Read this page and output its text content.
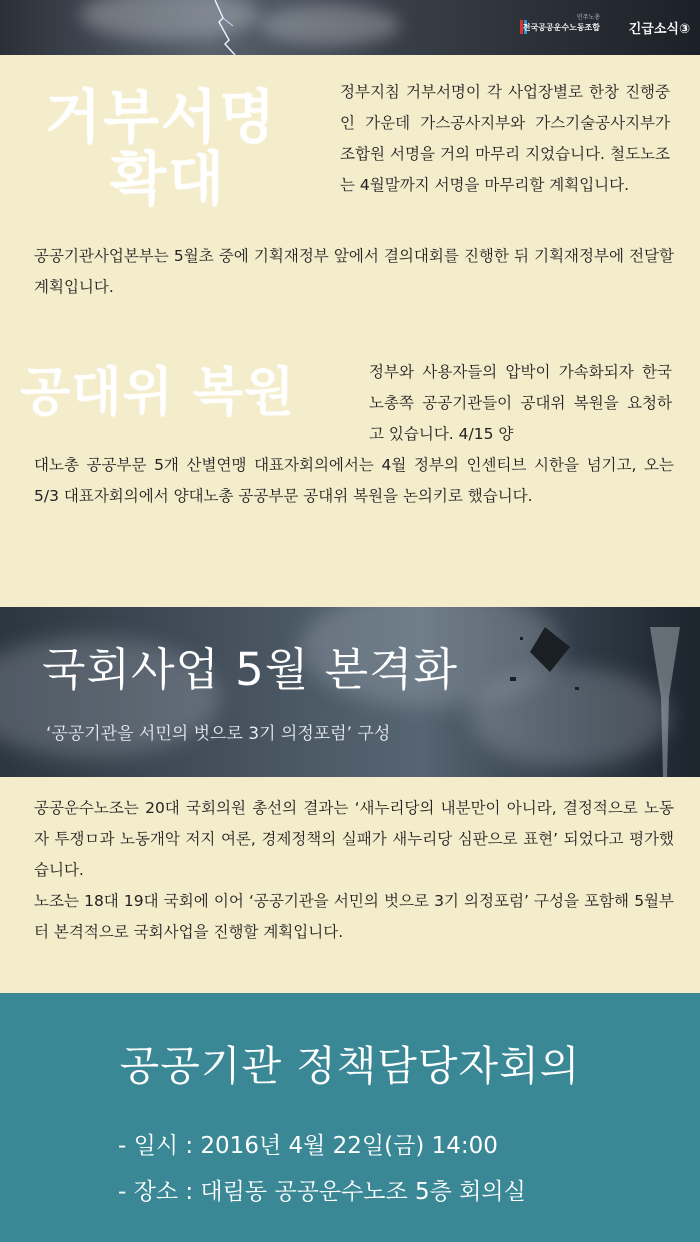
민주노총
전국공공운수노동조합 긴급소식③
거부서명
확대
정부지침 거부서명이 각 사업장별로 한창 진행중인 가운데 가스공사지부와 가스기술공사지부가 조합원 서명을 거의 마무리 지었습니다. 철도노조는 4월말까지 서명을 마무리할 계획입니다.
공공기관사업본부는 5월초 중에 기획재정부 앞에서 결의대회를 진행한 뒤 기획재정부에 전달할 계획입니다.
공대위 복원	정부와 사용자들의 압박이 가속화되자 한국노총쪽 공공기관들이 공대위 복원을 요청하고 있습니다. 4/15 양
대노총 공공부문 5개 산별연맹 대표자회의에서는 4월 정부의 인센티브 시한을 넘기고, 오는 5/3 대표자회의에서 양대노총 공공부문 공대위 복원을 논의키로 했습니다.
국회사업 5월 본격화
‘공공기관을 서민의 벗으로 3기 의정포럼’ 구성
공공운수노조는 20대 국회의원 총선의 결과는 ‘새누리당의 내분만이 아니라, 결정적으로 노동자 투쟁ㅁ과 노동개악 저지 여론, 경제정책의 실패가 새누리당 심판으로 표현’ 되었다고 평가했습니다.
노조는 18대 19대 국회에 이어 ‘공공기관을 서민의 벗으로 3기 의정포럼’ 구성을 포함해 5월부터 본격적으로 국회사업을 진행할 계획입니다.
공공기관 정책담당자회의
- 일시 : 2016년 4월 22일(금) 14:00
- 장소 : 대림동 공공운수노조 5층 회의실
